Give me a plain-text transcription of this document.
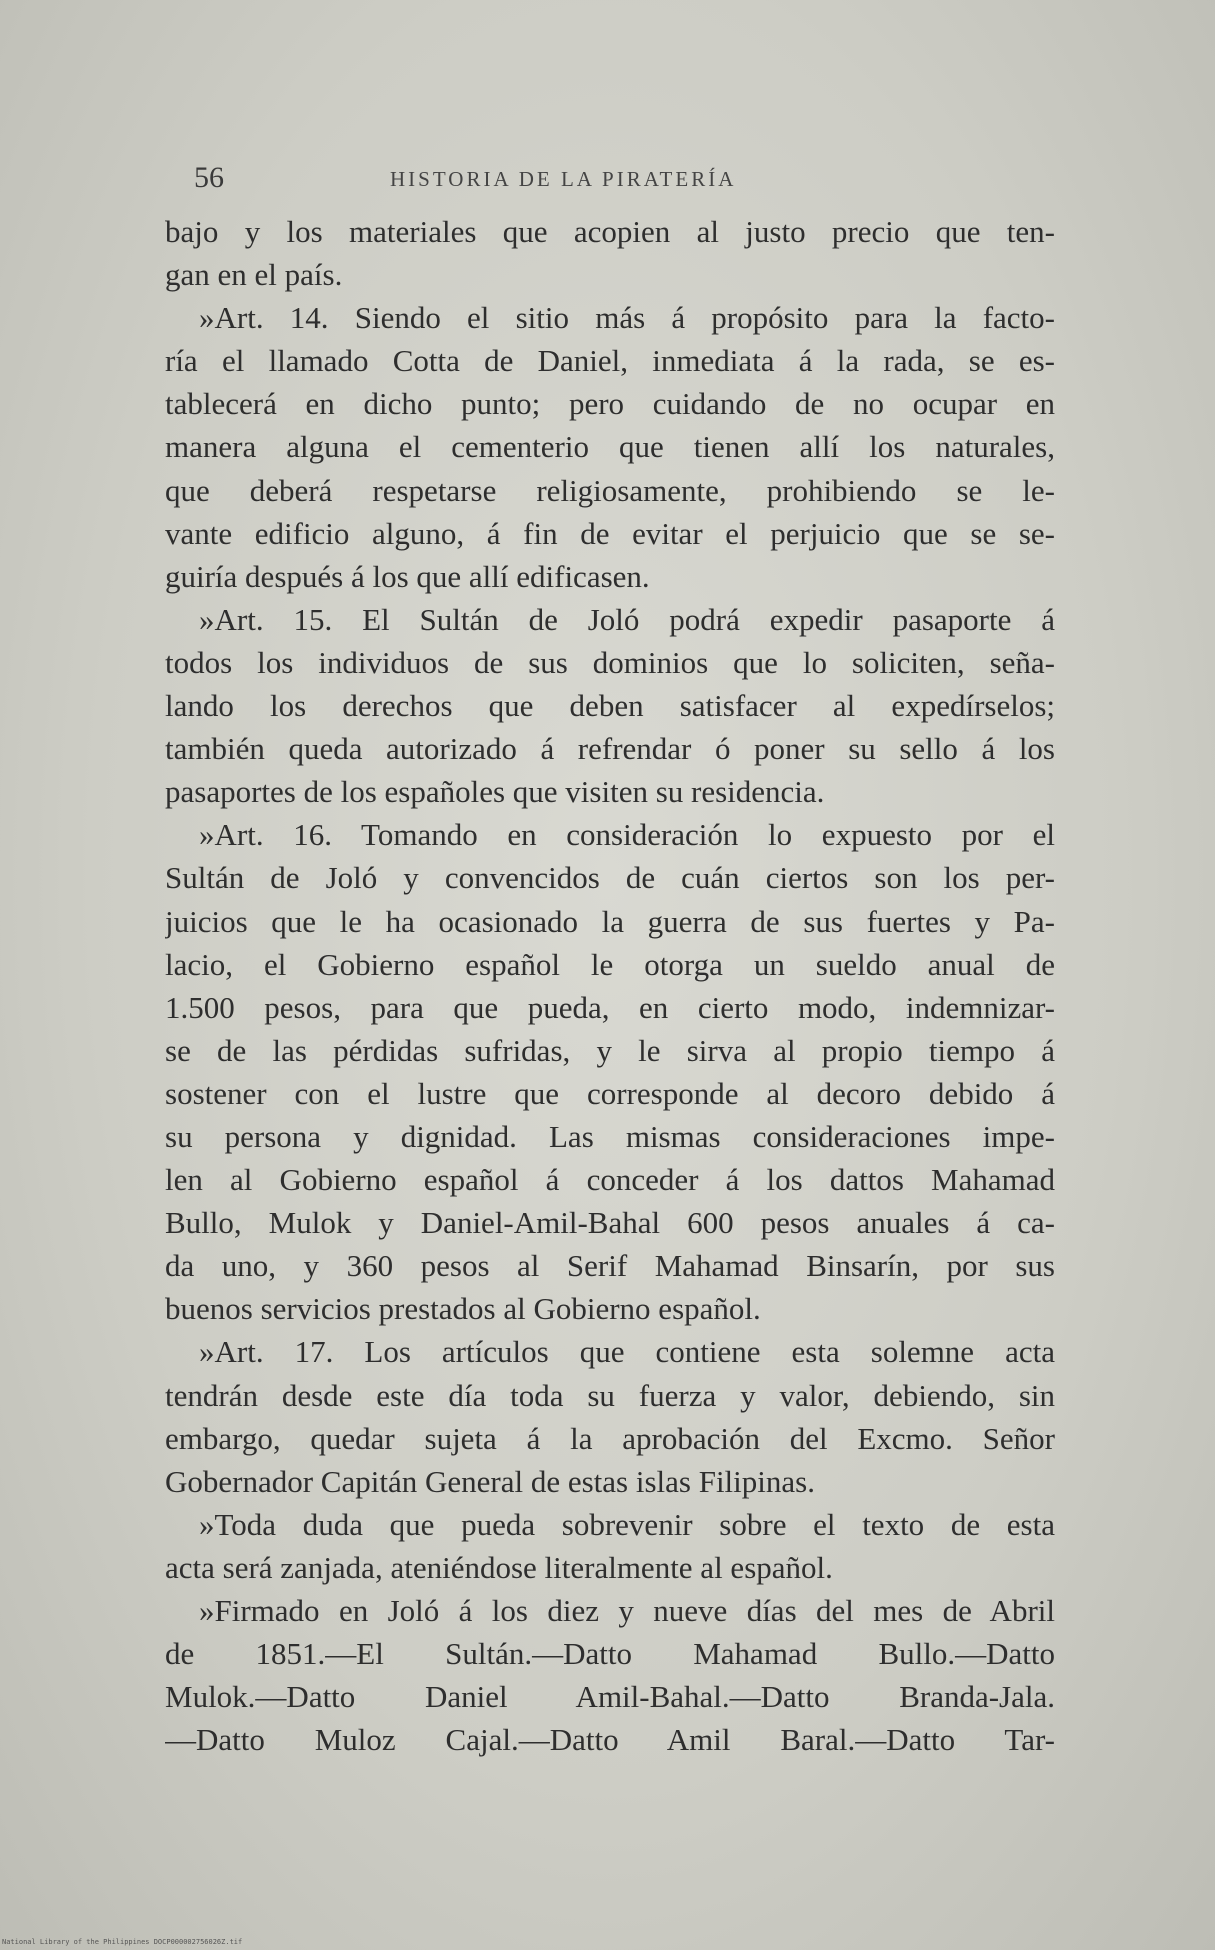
56	HISTORIA DE LA PIRATERÍA
bajo y los materiales que acopien al justo precio que ten-
gan en el país.
»Art. 14. Siendo el sitio más á propósito para la facto-
ría el llamado Cotta de Daniel, inmediata á la rada, se es-
tablecerá en dicho punto; pero cuidando de no ocupar en
manera alguna el cementerio que tienen allí los naturales,
que deberá respetarse religiosamente, prohibiendo se le-
vante edificio alguno, á fin de evitar el perjuicio que se se-
guiría después á los que allí edificasen.
»Art. 15. El Sultán de Joló podrá expedir pasaporte á
todos los individuos de sus dominios que lo soliciten, seña-
lando los derechos que deben satisfacer al expedírselos;
también queda autorizado á refrendar ó poner su sello á los
pasaportes de los españoles que visiten su residencia.
»Art. 16. Tomando en consideración lo expuesto por el
Sultán de Joló y convencidos de cuán ciertos son los per-
juicios que le ha ocasionado la guerra de sus fuertes y Pa-
lacio, el Gobierno español le otorga un sueldo anual de
1.500 pesos, para que pueda, en cierto modo, indemnizar-
se de las pérdidas sufridas, y le sirva al propio tiempo á
sostener con el lustre que corresponde al decoro debido á
su persona y dignidad. Las mismas consideraciones impe-
len al Gobierno español á conceder á los dattos Mahamad
Bullo, Mulok y Daniel-Amil-Bahal 600 pesos anuales á ca-
da uno, y 360 pesos al Serif Mahamad Binsarín, por sus
buenos servicios prestados al Gobierno español.
»Art. 17. Los artículos que contiene esta solemne acta
tendrán desde este día toda su fuerza y valor, debiendo, sin
embargo, quedar sujeta á la aprobación del Excmo. Señor
Gobernador Capitán General de estas islas Filipinas.
»Toda duda que pueda sobrevenir sobre el texto de esta
acta será zanjada, ateniéndose literalmente al español.
»Firmado en Joló á los diez y nueve días del mes de Abril
de 1851.—El Sultán.—Datto Mahamad Bullo.—Datto
Mulok.—Datto Daniel Amil-Bahal.—Datto Branda-Jala.
—Datto Muloz Cajal.—Datto Amil Baral.—Datto Tar-
National Library of the Philippines DOCP000002756026Z.tif
